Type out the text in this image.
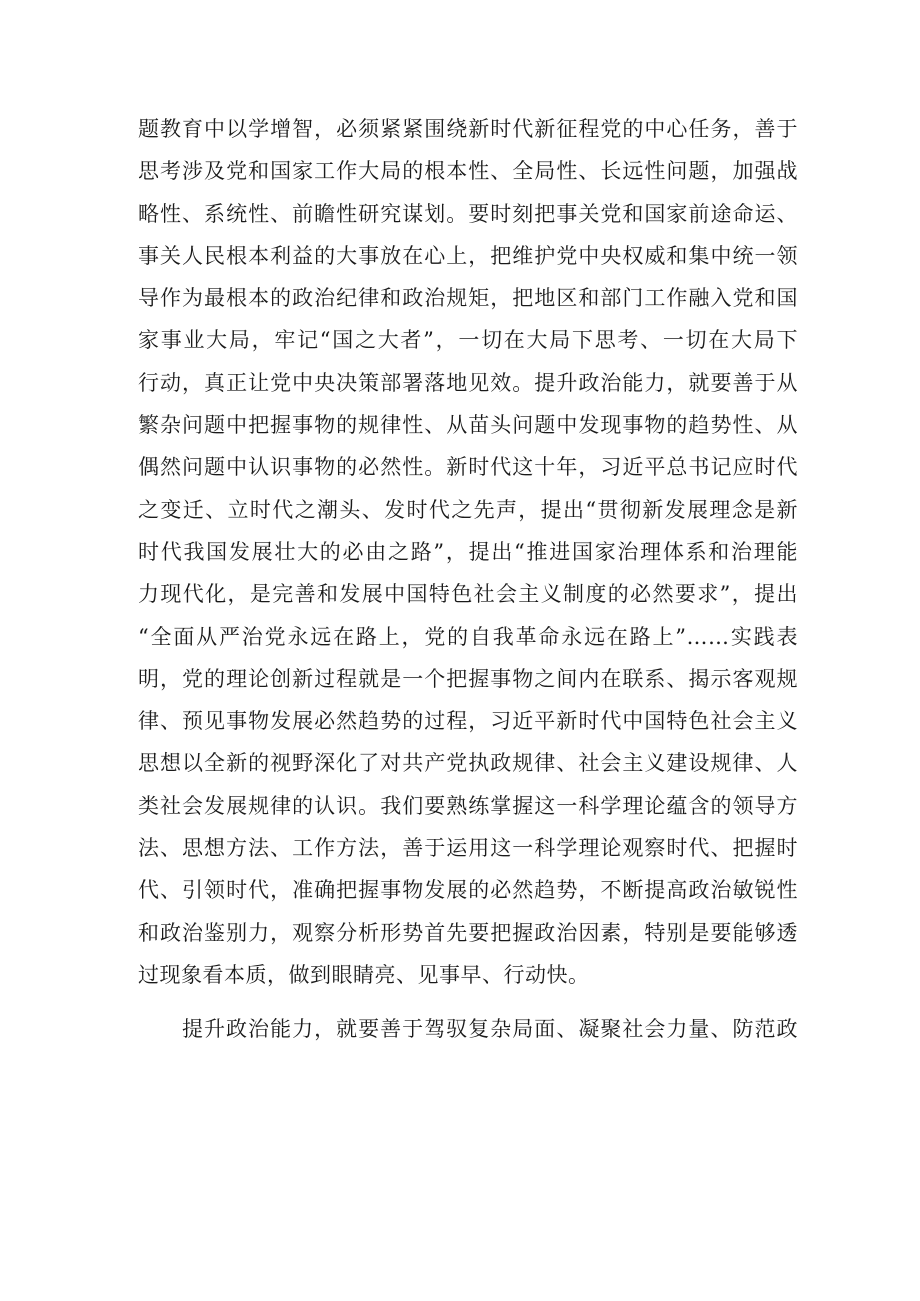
题教育中以学增智，必须紧紧围绕新时代新征程党的中心任务，善于
思考涉及党和国家工作大局的根本性、全局性、长远性问题，加强战
略性、系统性、前瞻性研究谋划。要时刻把事关党和国家前途命运、
事关人民根本利益的大事放在心上，把维护党中央权威和集中统一领
导作为最根本的政治纪律和政治规矩，把地区和部门工作融入党和国
家事业大局，牢记“国之大者”，一切在大局下思考、一切在大局下
行动，真正让党中央决策部署落地见效。提升政治能力，就要善于从
繁杂问题中把握事物的规律性、从苗头问题中发现事物的趋势性、从
偶然问题中认识事物的必然性。新时代这十年，习近平总书记应时代
之变迁、立时代之潮头、发时代之先声，提出“贯彻新发展理念是新
时代我国发展壮大的必由之路”，提出“推进国家治理体系和治理能
力现代化，是完善和发展中国特色社会主义制度的必然要求”，提出
“全面从严治党永远在路上，党的自我革命永远在路上”……实践表
明，党的理论创新过程就是一个把握事物之间内在联系、揭示客观规
律、预见事物发展必然趋势的过程，习近平新时代中国特色社会主义
思想以全新的视野深化了对共产党执政规律、社会主义建设规律、人
类社会发展规律的认识。我们要熟练掌握这一科学理论蕴含的领导方
法、思想方法、工作方法，善于运用这一科学理论观察时代、把握时
代、引领时代，准确把握事物发展的必然趋势，不断提高政治敏锐性
和政治鉴别力，观察分析形势首先要把握政治因素，特别是要能够透
过现象看本质，做到眼睛亮、见事早、行动快。
提升政治能力，就要善于驾驭复杂局面、凝聚社会力量、防范政
